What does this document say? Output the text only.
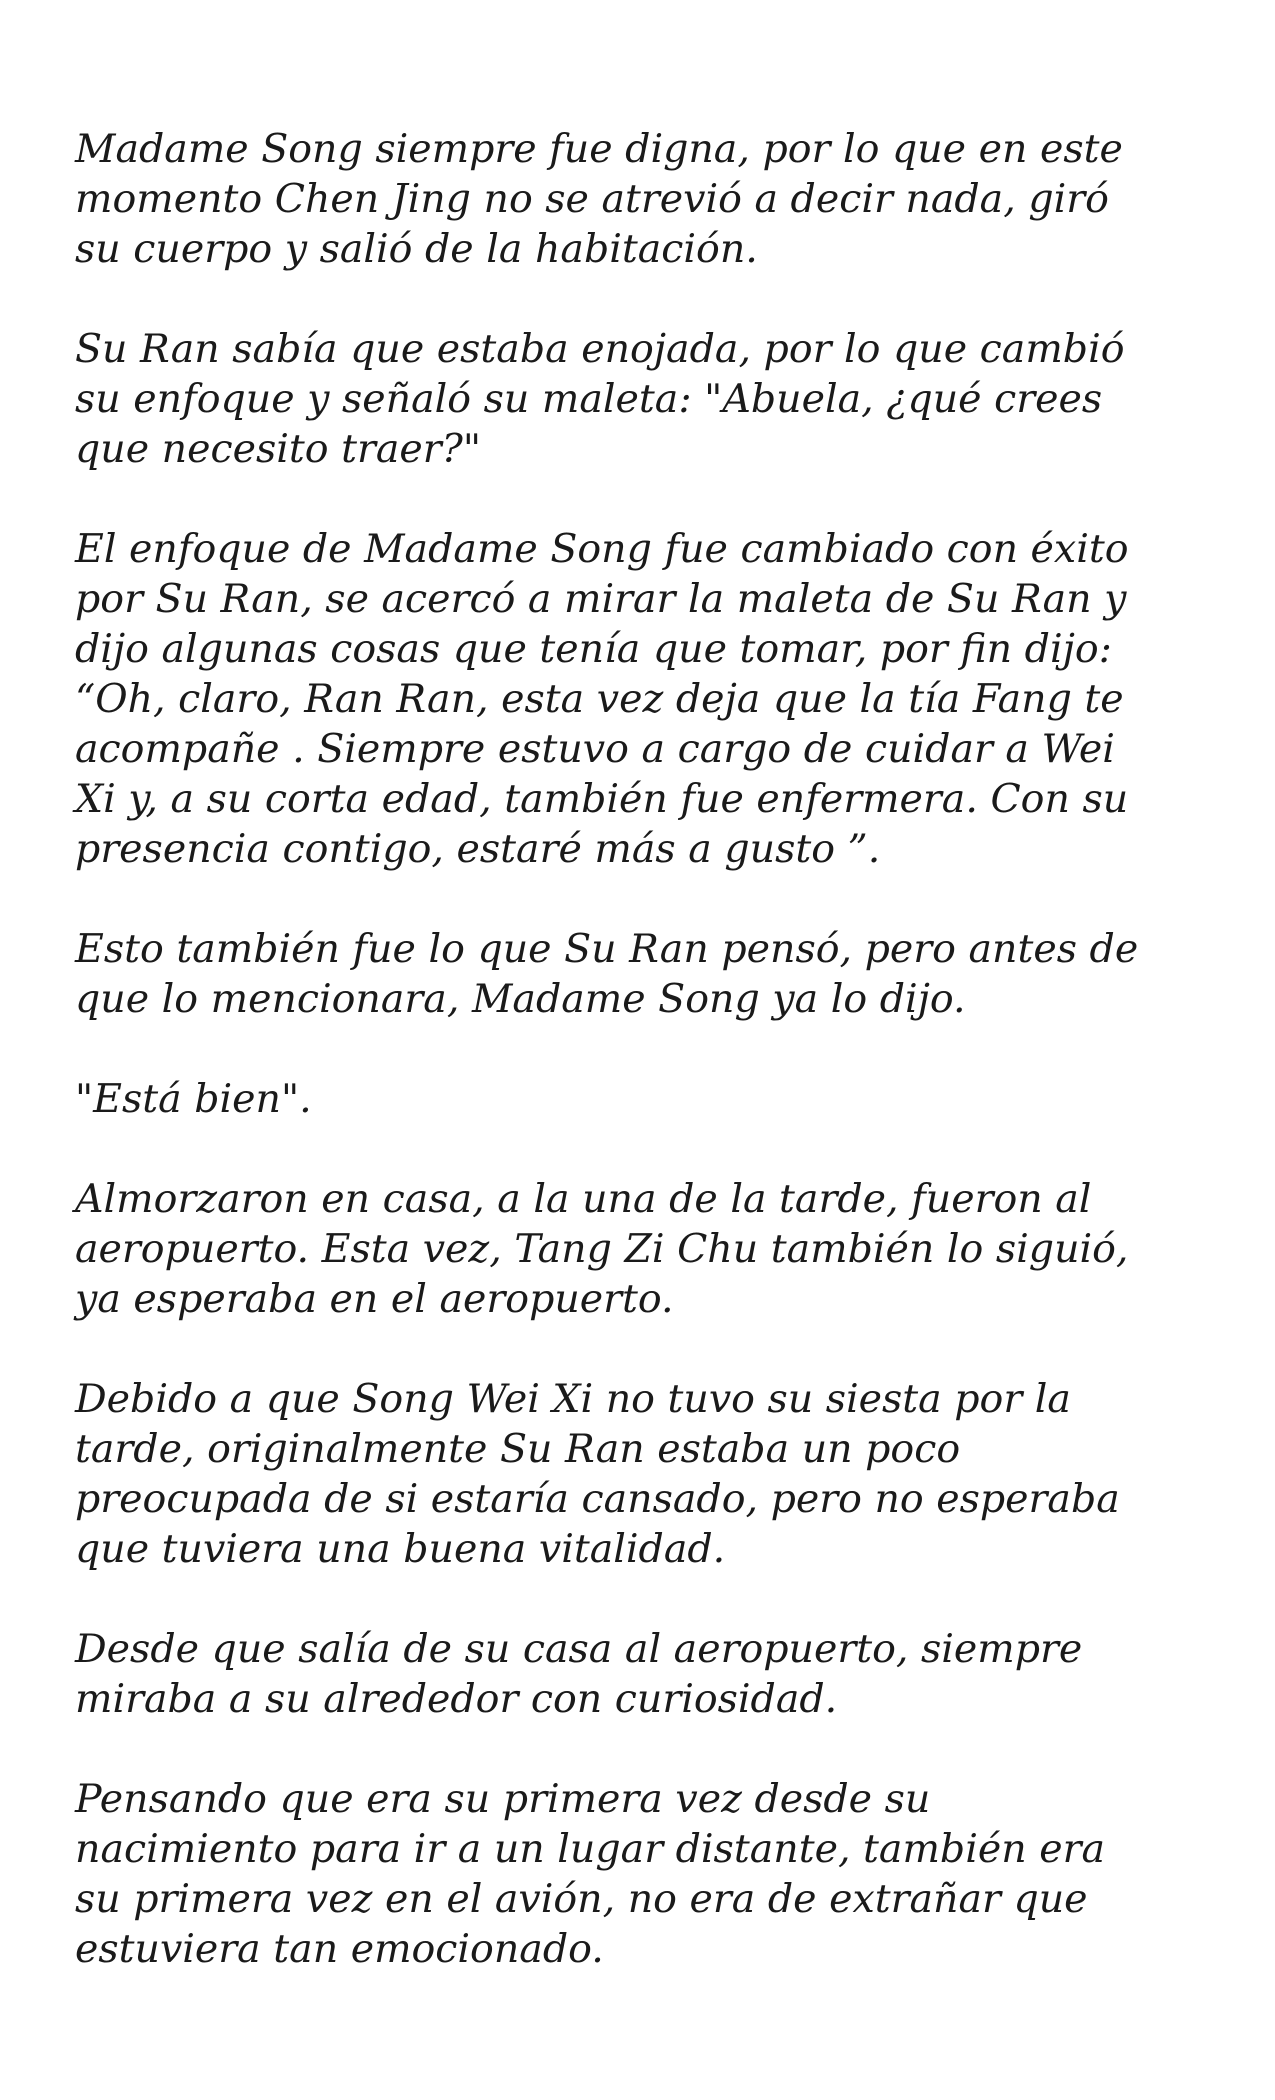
Madame Song siempre fue digna, por lo que en este
momento Chen Jing no se atrevió a decir nada, giró
su cuerpo y salió de la habitación.

Su Ran sabía que estaba enojada, por lo que cambió
su enfoque y señaló su maleta: "Abuela, ¿qué crees
que necesito traer?"

El enfoque de Madame Song fue cambiado con éxito
por Su Ran, se acercó a mirar la maleta de Su Ran y
dijo algunas cosas que tenía que tomar, por fin dijo:
“Oh, claro, Ran Ran, esta vez deja que la tía Fang te
acompañe . Siempre estuvo a cargo de cuidar a Wei
Xi y, a su corta edad, también fue enfermera. Con su
presencia contigo, estaré más a gusto ”.

Esto también fue lo que Su Ran pensó, pero antes de
que lo mencionara, Madame Song ya lo dijo.

"Está bien".

Almorzaron en casa, a la una de la tarde, fueron al
aeropuerto. Esta vez, Tang Zi Chu también lo siguió,
ya esperaba en el aeropuerto.

Debido a que Song Wei Xi no tuvo su siesta por la
tarde, originalmente Su Ran estaba un poco
preocupada de si estaría cansado, pero no esperaba
que tuviera una buena vitalidad.

Desde que salía de su casa al aeropuerto, siempre
miraba a su alrededor con curiosidad.

Pensando que era su primera vez desde su
nacimiento para ir a un lugar distante, también era
su primera vez en el avión, no era de extrañar que
estuviera tan emocionado.
